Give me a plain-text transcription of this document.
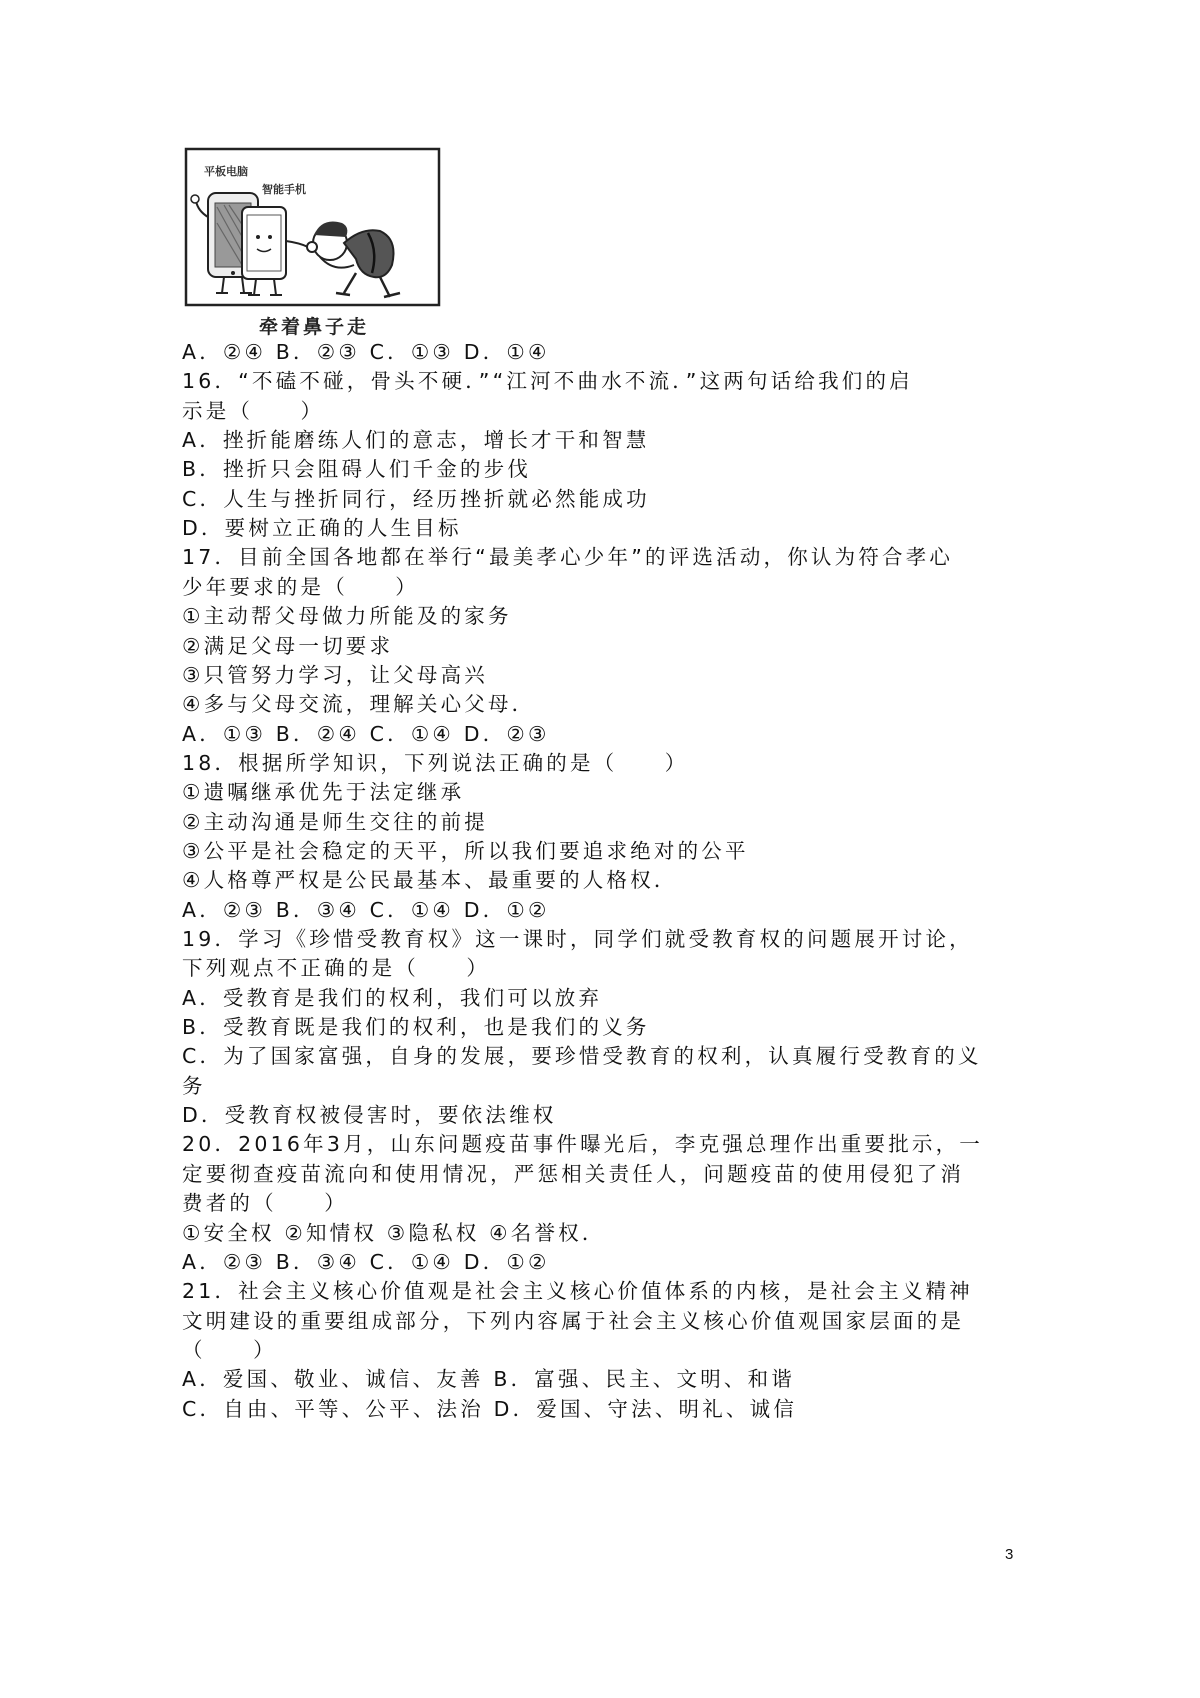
平板电脑
智能手机
牵着鼻子走
A．②④ B．②③ C．①③ D．①④
16．“不磕不碰，骨头不硬．”“江河不曲水不流．”这两句话给我们的启
示是（　　）
A．挫折能磨练人们的意志，增长才干和智慧
B．挫折只会阻碍人们千金的步伐
C．人生与挫折同行，经历挫折就必然能成功
D．要树立正确的人生目标
17．目前全国各地都在举行“最美孝心少年”的评选活动，你认为符合孝心
少年要求的是（　　）
①主动帮父母做力所能及的家务
②满足父母一切要求
③只管努力学习，让父母高兴
④多与父母交流，理解关心父母．
A．①③ B．②④ C．①④ D．②③
18．根据所学知识，下列说法正确的是（　　）
①遗嘱继承优先于法定继承
②主动沟通是师生交往的前提
③公平是社会稳定的天平，所以我们要追求绝对的公平
④人格尊严权是公民最基本、最重要的人格权．
A．②③ B．③④ C．①④ D．①②
19．学习《珍惜受教育权》这一课时，同学们就受教育权的问题展开讨论，
下列观点不正确的是（　　）
A．受教育是我们的权利，我们可以放弃
B．受教育既是我们的权利，也是我们的义务
C．为了国家富强，自身的发展，要珍惜受教育的权利，认真履行受教育的义
务
D．受教育权被侵害时，要依法维权
20．2016年3月，山东问题疫苗事件曝光后，李克强总理作出重要批示，一
定要彻查疫苗流向和使用情况，严惩相关责任人，问题疫苗的使用侵犯了消
费者的（　　）
①安全权 ②知情权 ③隐私权 ④名誉权．
A．②③ B．③④ C．①④ D．①②
21．社会主义核心价值观是社会主义核心价值体系的内核，是社会主义精神
文明建设的重要组成部分，下列内容属于社会主义核心价值观国家层面的是
（　　）
A．爱国、敬业、诚信、友善 B．富强、民主、文明、和谐
C．自由、平等、公平、法治 D．爱国、守法、明礼、诚信
3
